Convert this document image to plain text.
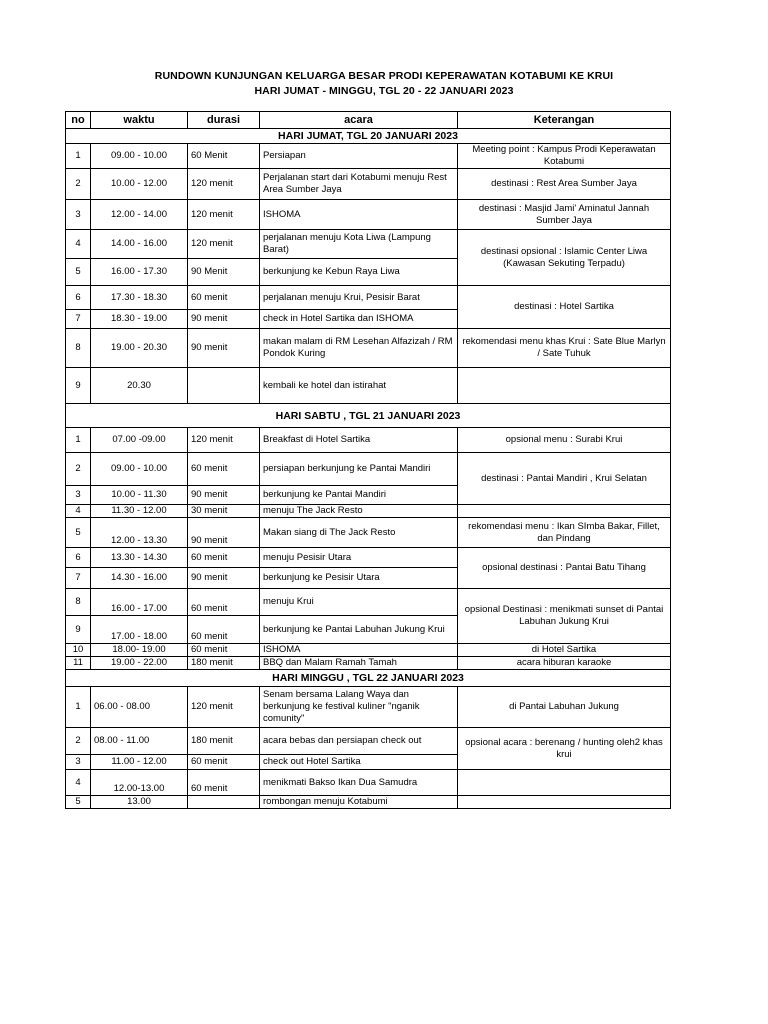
RUNDOWN KUNJUNGAN KELUARGA BESAR PRODI KEPERAWATAN KOTABUMI KE KRUI
HARI JUMAT - MINGGU, TGL 20 - 22 JANUARI 2023
no	waktu	durasi	acara	Keterangan
HARI JUMAT, TGL 20 JANUARI 2023				
1	09.00 - 10.00	60 Menit	Persiapan	Meeting point : Kampus Prodi Keperawatan Kotabumi
2	10.00 - 12.00	120 menit	Perjalanan start dari Kotabumi menuju Rest Area Sumber Jaya	destinasi : Rest Area Sumber Jaya
3	12.00 - 14.00	120 menit	ISHOMA	destinasi : Masjid Jami' Aminatul Jannah Sumber Jaya
4	14.00 - 16.00	120 menit	perjalanan menuju Kota Liwa (Lampung Barat)	destinasi opsional : Islamic Center Liwa (Kawasan Sekuting Terpadu)
5	16.00 - 17.30	90 Menit	berkunjung ke Kebun Raya Liwa	
6	17.30 - 18.30	60 menit	perjalanan menuju Krui, Pesisir Barat	destinasi : Hotel Sartika
7	18.30 - 19.00	90 menit	check in Hotel Sartika dan ISHOMA	
8	19.00 - 20.30	90 menit	makan malam di RM Lesehan Alfazizah / RM Pondok Kuring	rekomendasi menu khas Krui : Sate Blue Marlyn / Sate Tuhuk
9	20.30		kembali ke hotel dan istirahat	
HARI SABTU , TGL 21 JANUARI 2023				
1	07.00 -09.00	120 menit	Breakfast di Hotel Sartika	opsional menu : Surabi Krui
2	09.00 - 10.00	60 menit	persiapan berkunjung ke Pantai Mandiri	destinasi : Pantai Mandiri , Krui Selatan
3	10.00 - 11.30	90 menit	berkunjung ke Pantai Mandiri	
4	11.30 - 12.00	30 menit	menuju The Jack Resto	
5	12.00 - 13.30	90 menit	Makan siang di The Jack Resto	rekomendasi menu : Ikan SImba Bakar, Fillet, dan Pindang
6	13.30 - 14.30	60 menit	menuju Pesisir Utara	opsional destinasi : Pantai Batu Tihang
7	14.30 - 16.00	90 menit	berkunjung ke Pesisir Utara	
8	16.00 - 17.00	60 menit	menuju Krui	opsional Destinasi : menikmati sunset di Pantai Labuhan Jukung Krui
9	17.00 - 18.00	60 menit	berkunjung ke Pantai Labuhan Jukung Krui	
10	18.00- 19.00	60 menit	ISHOMA	di Hotel Sartika
11	19.00 - 22.00	180 menit	BBQ dan Malam Ramah Tamah	acara hiburan karaoke
HARI MINGGU , TGL 22 JANUARI 2023				
1	06.00 - 08.00	120 menit	Senam bersama Lalang Waya dan berkunjung ke festival kuliner "nganik comunity"	di Pantai Labuhan Jukung
2	08.00 - 11.00	180 menit	acara bebas dan persiapan check out	opsional acara : berenang / hunting oleh2 khas krui
3	11.00 - 12.00	60 menit	check out Hotel Sartika	
4	12.00-13.00	60 menit	menikmati Bakso Ikan Dua Samudra	
5	13.00		rombongan menuju Kotabumi	
